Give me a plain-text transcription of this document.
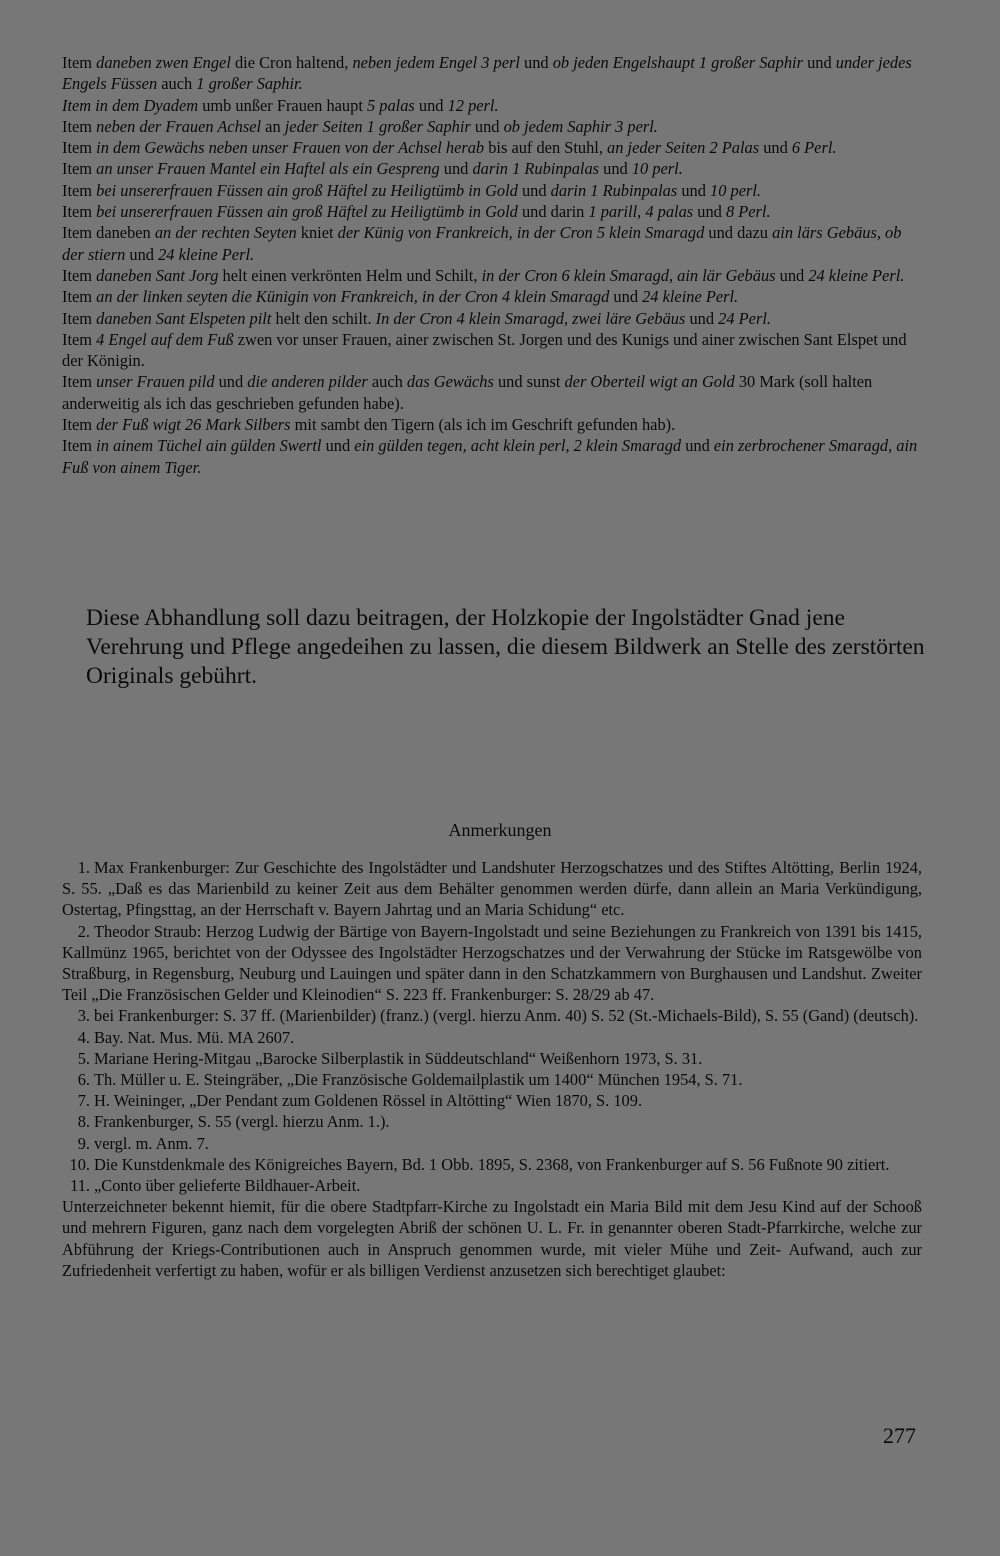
Item daneben zwen Engel die Cron haltend, neben jedem Engel 3 perl und ob jeden Engelshaupt 1 großer Saphir und under jedes Engels Füssen auch 1 großer Saphir.

Item in dem Dyadem umb unßer Frauen haupt 5 palas und 12 perl.

Item neben der Frauen Achsel an jeder Seiten 1 großer Saphir und ob jedem Saphir 3 perl.

Item in dem Gewächs neben unser Frauen von der Achsel herab bis auf den Stuhl, an jeder Seiten 2 Palas und 6 Perl.

Item an unser Frauen Mantel ein Haftel als ein Gespreng und darin 1 Rubinpalas und 10 perl.

Item bei unsererfrauen Füssen ain groß Häftel zu Heiligtümb in Gold und darin 1 Rubinpalas und 10 perl.

Item bei unsererfrauen Füssen ain groß Häftel zu Heiligtümb in Gold und darin 1 parill, 4 palas und 8 Perl.

Item daneben an der rechten Seyten kniet der Künig von Frankreich, in der Cron 5 klein Smaragd und dazu ain lärs Gebäus, ob der stiern und 24 kleine Perl.

Item daneben Sant Jorg helt einen verkrönten Helm und Schilt, in der Cron 6 klein Smaragd, ain lär Gebäus und 24 kleine Perl.

Item an der linken seyten die Künigin von Frankreich, in der Cron 4 klein Smaragd und 24 kleine Perl.

Item daneben Sant Elspeten pilt helt den schilt. In der Cron 4 klein Smaragd, zwei läre Gebäus und 24 Perl.

Item 4 Engel auf dem Fuß zwen vor unser Frauen, ainer zwischen St. Jorgen und des Kunigs und ainer zwischen Sant Elspet und der Königin.

Item unser Frauen pild und die anderen pilder auch das Gewächs und sunst der Oberteil wigt an Gold 30 Mark (soll halten anderweitig als ich das geschrieben gefunden habe).

Item der Fuß wigt 26 Mark Silbers mit sambt den Tigern (als ich im Geschrift gefunden hab).

Item in ainem Tüchel ain gülden Swertl und ein gülden tegen, acht klein perl, 2 klein Smaragd und ein zerbrochener Smaragd, ain Fuß von ainem Tiger.

Diese Abhandlung soll dazu beitragen, der Holzkopie der Ingolstädter Gnad jene Verehrung und Pflege angedeihen zu lassen, die diesem Bildwerk an Stelle des zerstörten Originals gebührt.

Anmerkungen

1. Max Frankenburger: Zur Geschichte des Ingolstädter und Landshuter Herzogschatzes und des Stiftes Altötting, Berlin 1924, S. 55. „Daß es das Marienbild zu keiner Zeit aus dem Behälter genommen werden dürfe, dann allein an Maria Verkündigung, Ostertag, Pfingsttag, an der Herrschaft v. Bayern Jahrtag und an Maria Schidung“ etc.

2. Theodor Straub: Herzog Ludwig der Bärtige von Bayern-Ingolstadt und seine Beziehungen zu Frankreich von 1391 bis 1415, Kallmünz 1965, berichtet von der Odyssee des Ingolstädter Herzogschatzes und der Verwahrung der Stücke im Ratsgewölbe von Straßburg, in Regensburg, Neuburg und Lauingen und später dann in den Schatzkammern von Burghausen und Landshut. Zweiter Teil „Die Französischen Gelder und Kleinodien“ S. 223 ff. Frankenburger: S. 28/29 ab 47.

3. bei Frankenburger: S. 37 ff. (Marienbilder) (franz.) (vergl. hierzu Anm. 40) S. 52 (St.-Michaels-Bild), S. 55 (Gand) (deutsch).

4. Bay. Nat. Mus. Mü. MA 2607.

5. Mariane Hering-Mitgau „Barocke Silberplastik in Süddeutschland“ Weißenhorn 1973, S. 31.

6. Th. Müller u. E. Steingräber, „Die Französische Goldemailplastik um 1400“ München 1954, S. 71.

7. H. Weininger, „Der Pendant zum Goldenen Rössel in Altötting“ Wien 1870, S. 109.

8. Frankenburger, S. 55 (vergl. hierzu Anm. 1.).

9. vergl. m. Anm. 7.

10. Die Kunstdenkmale des Königreiches Bayern, Bd. 1 Obb. 1895, S. 2368, von Frankenburger auf S. 56 Fußnote 90 zitiert.

11. „Conto über gelieferte Bildhauer-Arbeit.

Unterzeichneter bekennt hiemit, für die obere Stadtpfarr-Kirche zu Ingolstadt ein Maria Bild mit dem Jesu Kind auf der Schooß und mehrern Figuren, ganz nach dem vorgelegten Abriß der schönen U. L. Fr. in genannter oberen Stadt-Pfarrkirche, welche zur Abführung der Kriegs-Contributionen auch in Anspruch genommen wurde, mit vieler Mühe und Zeit- Aufwand, auch zur Zufriedenheit verfertigt zu haben, wofür er als billigen Verdienst anzusetzen sich berechtiget glaubet:

277
